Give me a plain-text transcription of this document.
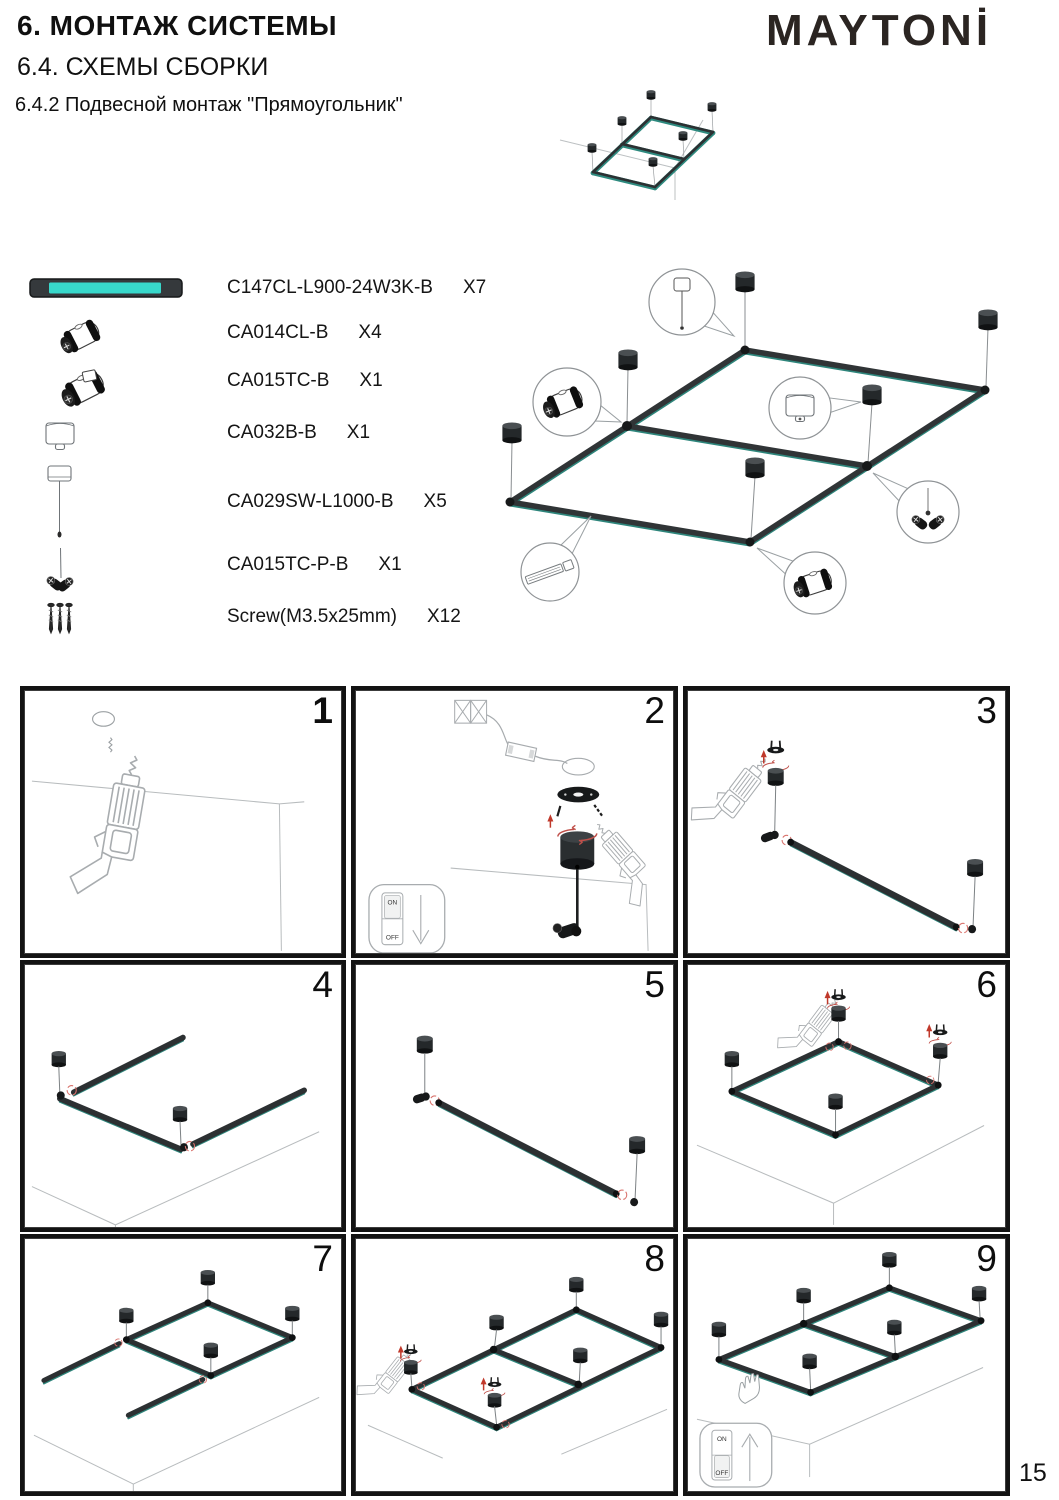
6. МОНТАЖ СИСТЕМЫ
6.4. СХЕМЫ СБОРКИ
6.4.2 Подвесной монтаж "Прямоугольник"
MAYTONİ
C147CL-L900-24W3K-B X7
CA014CL-B X4
CA015TC-B X1
CA032B-B X1
CA029SW-L1000-B X5
CA015TC-P-B X1
Screw(M3.5x25mm) X12
1
ON
OFF
2	3
4	5	6
7	8
ON
OFF
9
15
